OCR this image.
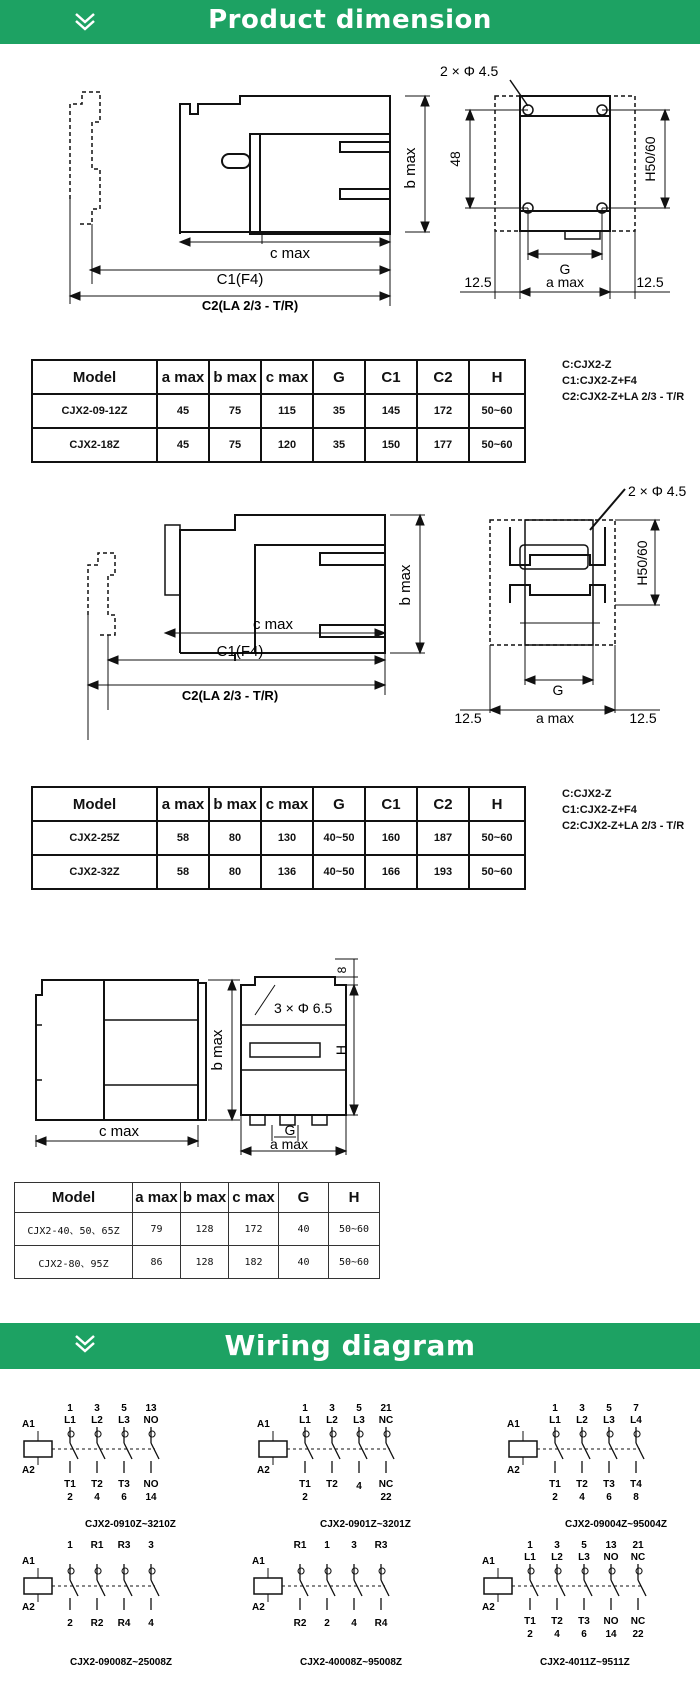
Product dimension
c max
C1(F4)
C2(LA 2/3 - T/R)
b max
2 × Φ 4.5
48	H50/60
G
a max
12.5	12.5
Model	a max	b max	c max	G	C1	C2	H
CJX2-09-12Z	45	75	115	35	145	172	50~60
CJX2-18Z	45	75	120	35	150	177	50~60
C:CJX2-Z
C1:CJX2-Z+F4
C2:CJX2-Z+LA 2/3 - T/R
c max
C1(F4)
C2(LA 2/3 - T/R)
b max
2 × Φ 4.5
H50/60
G
a max
12.5	12.5
Model	a max	b max	c max	G	C1	C2	H
CJX2-25Z	58	80	130	40~50	160	187	50~60
CJX2-32Z	58	80	136	40~50	166	193	50~60
C:CJX2-Z
C1:CJX2-Z+F4
C2:CJX2-Z+LA 2/3 - T/R
c max
b max
3 × Φ 6.5
G
a max
H
8
Model	a max	b max	c max	G	H
CJX2-40、50、65Z	79	128	172	40	50~60
CJX2-80、95Z	86	128	182	40	50~60
Wiring diagram
A1
A2
1
L1
T1
2
3
L2
T2
4
5
L3
T3
6
13
NO
NO
14
CJX2-0910Z~3210Z
A1
A2
1
L1
T1
2
3
L2
T2
5
L3
4
21
NC
NC
22
CJX2-0901Z~3201Z
A1
A2
1
L1
T1
2
3
L2
T2
4
5
L3
T3
6
7
L4
T4
8
CJX2-09004Z~95004Z
A1
A2
1
2
R1
R2
R3
R4
3
4
CJX2-09008Z~25008Z
A1
A2
R1
R2
1
2
3
4
R3
R4
CJX2-40008Z~95008Z
A1
A2
1
L1
T1
2
3
L2
T2
4
5
L3
T3
6
13
NO
NO
14
21
NC
NC
22
CJX2-4011Z~9511Z
